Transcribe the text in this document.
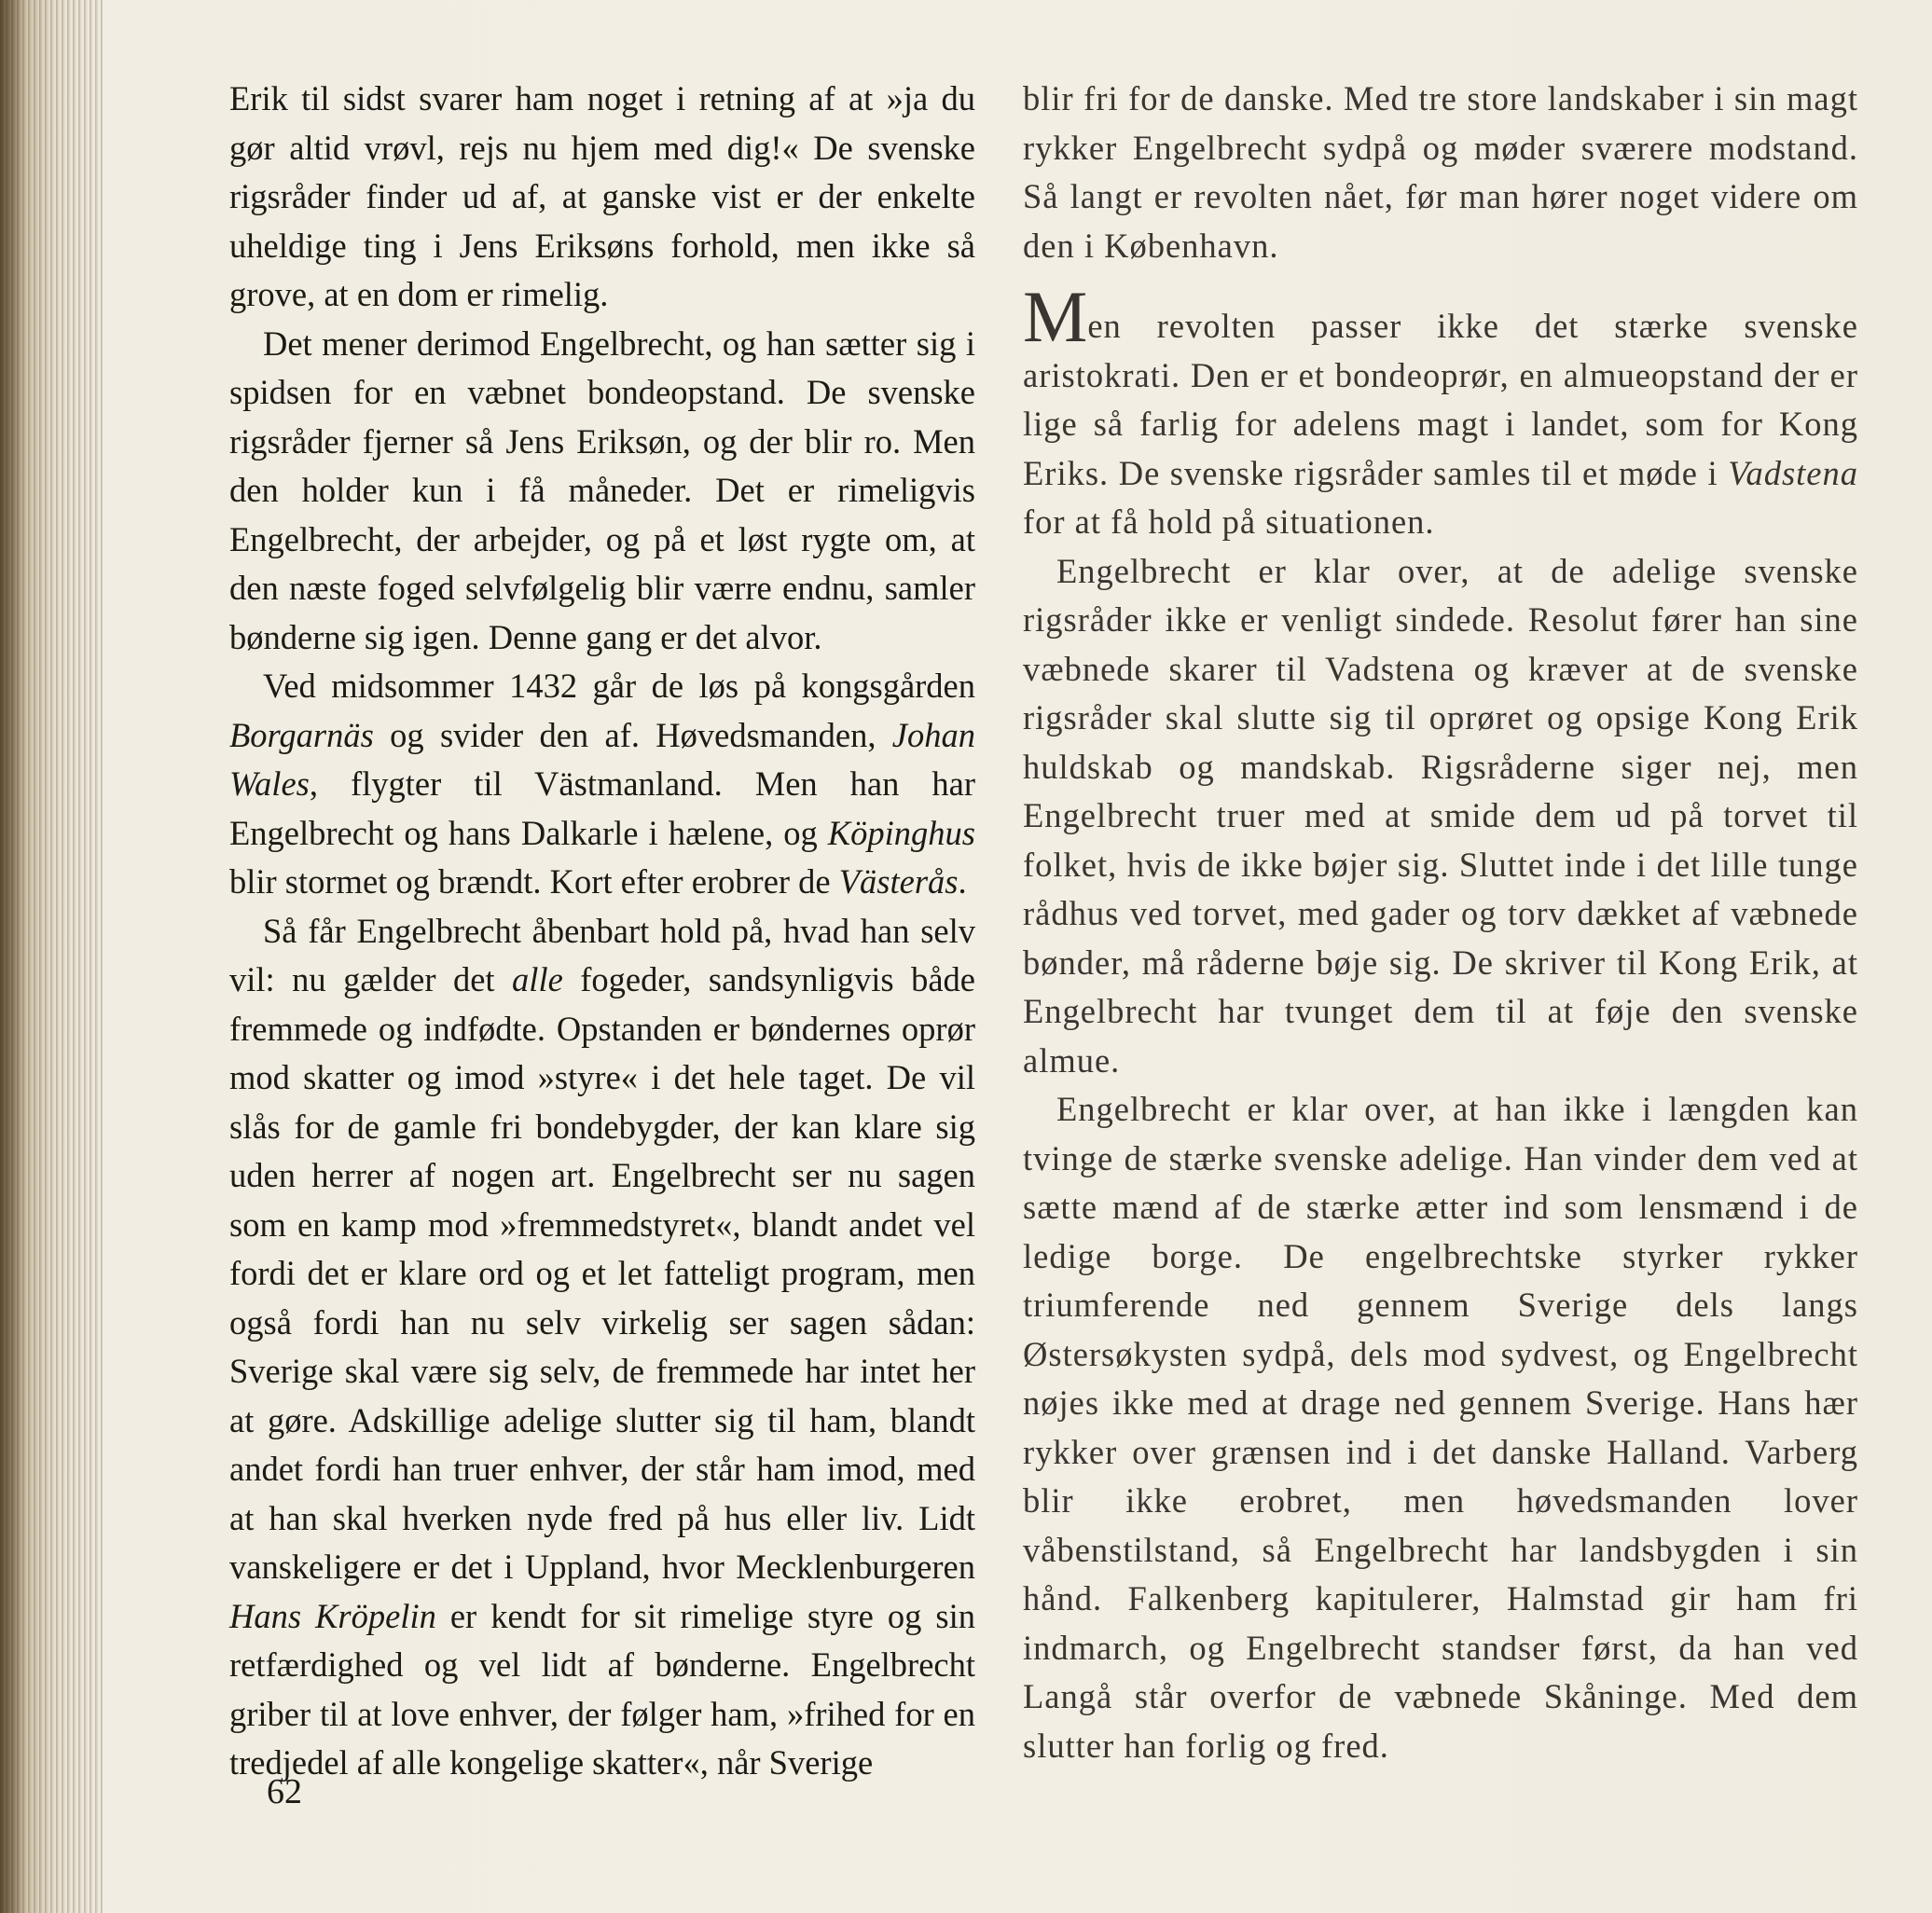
Erik til sidst svarer ham noget i retning af at »ja du gør altid vrøvl, rejs nu hjem med dig!« De svenske rigsråder finder ud af, at ganske vist er der enkelte uheldige ting i Jens Eriksøns forhold, men ikke så grove, at en dom er rimelig.

Det mener derimod Engelbrecht, og han sætter sig i spidsen for en væbnet bondeopstand. De svenske rigsråder fjerner så Jens Eriksøn, og der blir ro. Men den holder kun i få måneder. Det er rimeligvis Engelbrecht, der arbejder, og på et løst rygte om, at den næste foged selvfølgelig blir værre endnu, samler bønderne sig igen. Denne gang er det alvor.

Ved midsommer 1432 går de løs på kongsgården Borgarnäs og svider den af. Høvedsmanden, Johan Wales, flygter til Västmanland. Men han har Engelbrecht og hans Dalkarle i hælene, og Köpinghus blir stormet og brændt. Kort efter erobrer de Västerås.

Så får Engelbrecht åbenbart hold på, hvad han selv vil: nu gælder det alle fogeder, sandsynligvis både fremmede og indfødte. Opstanden er bøndernes oprør mod skatter og imod »styre« i det hele taget. De vil slås for de gamle fri bondebygder, der kan klare sig uden herrer af nogen art. Engelbrecht ser nu sagen som en kamp mod »fremmedstyret«, blandt andet vel fordi det er klare ord og et let fatteligt program, men også fordi han nu selv virkelig ser sagen sådan: Sverige skal være sig selv, de fremmede har intet her at gøre. Adskillige adelige slutter sig til ham, blandt andet fordi han truer enhver, der står ham imod, med at han skal hverken nyde fred på hus eller liv. Lidt vanskeligere er det i Uppland, hvor Mecklenburgeren Hans Kröpelin er kendt for sit rimelige styre og sin retfærdighed og vel lidt af bønderne. Engelbrecht griber til at love enhver, der følger ham, »frihed for en tredjedel af alle kongelige skatter«, når Sverige

blir fri for de danske. Med tre store landskaber i sin magt rykker Engelbrecht sydpå og møder sværere modstand. Så langt er revolten nået, før man hører noget videre om den i København.

Men revolten passer ikke det stærke svenske aristokrati. Den er et bondeoprør, en almueopstand der er lige så farlig for adelens magt i landet, som for Kong Eriks. De svenske rigsråder samles til et møde i Vadstena for at få hold på situationen.

Engelbrecht er klar over, at de adelige svenske rigsråder ikke er venligt sindede. Resolut fører han sine væbnede skarer til Vadstena og kræver at de svenske rigsråder skal slutte sig til oprøret og opsige Kong Erik huldskab og mandskab. Rigsråderne siger nej, men Engelbrecht truer med at smide dem ud på torvet til folket, hvis de ikke bøjer sig. Sluttet inde i det lille tunge rådhus ved torvet, med gader og torv dækket af væbnede bønder, må råderne bøje sig. De skriver til Kong Erik, at Engelbrecht har tvunget dem til at føje den svenske almue.

Engelbrecht er klar over, at han ikke i længden kan tvinge de stærke svenske adelige. Han vinder dem ved at sætte mænd af de stærke ætter ind som lensmænd i de ledige borge. De engelbrechtske styrker rykker triumferende ned gennem Sverige dels langs Østersøkysten sydpå, dels mod sydvest, og Engelbrecht nøjes ikke med at drage ned gennem Sverige. Hans hær rykker over grænsen ind i det danske Halland. Varberg blir ikke erobret, men høvedsmanden lover våbenstilstand, så Engelbrecht har landsbygden i sin hånd. Falkenberg kapitulerer, Halmstad gir ham fri indmarch, og Engelbrecht standser først, da han ved Langå står overfor de væbnede Skåninge. Med dem slutter han forlig og fred.

62
